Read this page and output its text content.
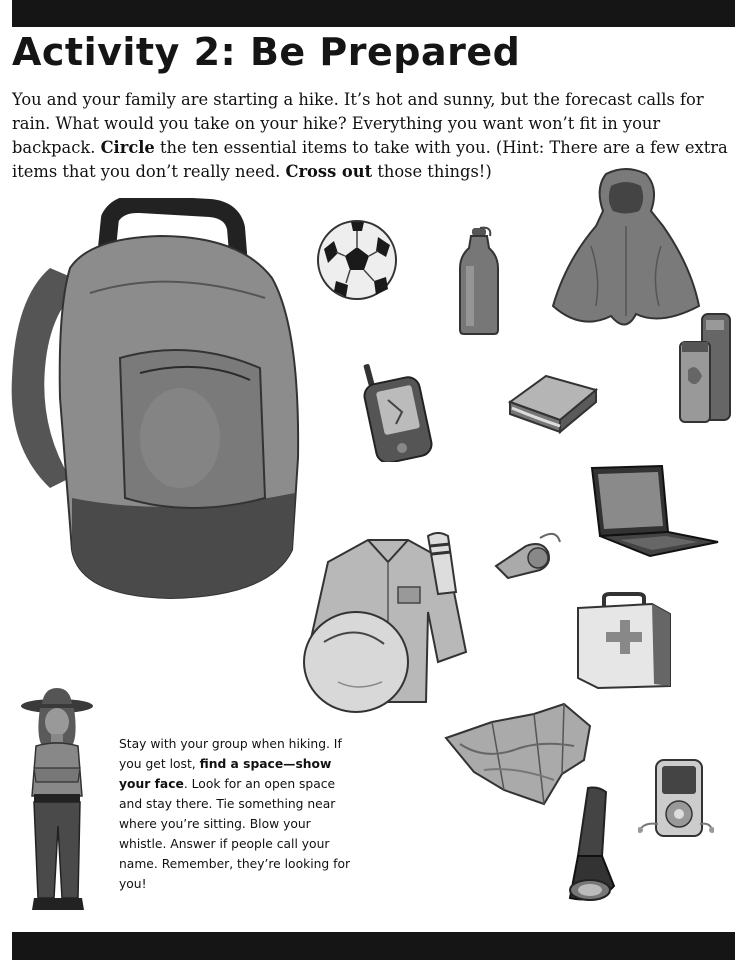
Activity 2: Be Prepared

You and your family are starting a hike. It’s hot and sunny, but the forecast calls for rain. What would you take on your hike? Everything you want won’t fit in your backpack. Circle the ten essential items to take with you. (Hint: There are a few extra items that you don’t really need. Cross out those things!)

Stay with your group when hiking. If you get lost, find a space—show your face. Look for an open space and stay there. Tie something near where you’re sitting. Blow your whistle. Answer if people call your name. Remember, they’re looking for you!
